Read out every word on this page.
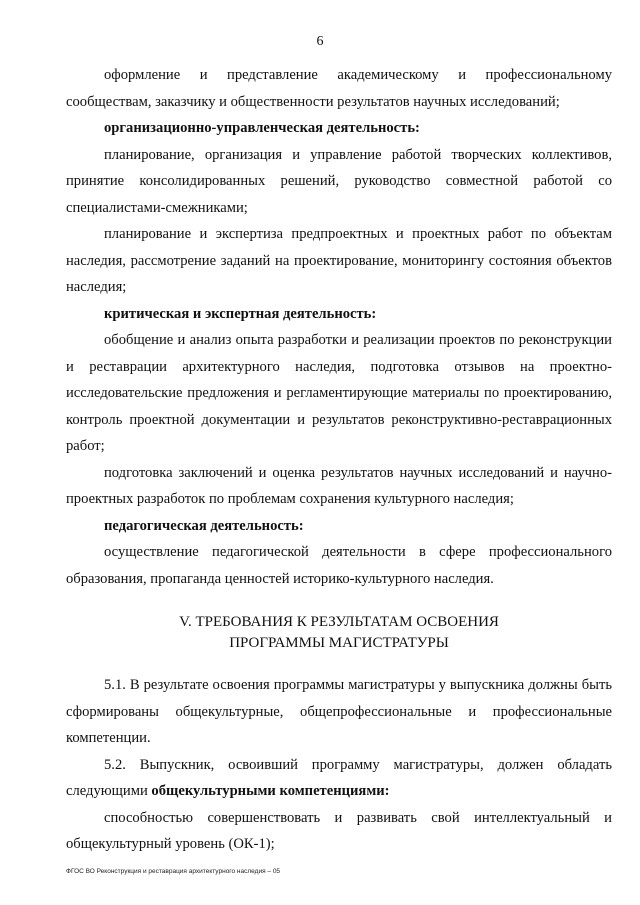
6

оформление и представление академическому и профессиональному сообществам, заказчику и общественности результатов научных исследований;

организационно-управленческая деятельность:

планирование, организация и управление работой творческих коллективов, принятие консолидированных решений, руководство совместной работой со специалистами-смежниками;

планирование и экспертиза предпроектных и проектных работ по объектам наследия, рассмотрение заданий на проектирование, мониторингу состояния объектов наследия;

критическая и экспертная деятельность:

обобщение и анализ опыта разработки и реализации проектов по реконструкции и реставрации архитектурного наследия, подготовка отзывов на проектно-исследовательские предложения и регламентирующие материалы по проектированию, контроль проектной документации и результатов реконструктивно-реставрационных работ;

подготовка заключений и оценка результатов научных исследований и научно-проектных разработок по проблемам сохранения культурного наследия;

педагогическая деятельность:

осуществление педагогической деятельности в сфере профессионального образования, пропаганда ценностей историко-культурного наследия.

V. ТРЕБОВАНИЯ К РЕЗУЛЬТАТАМ ОСВОЕНИЯ
ПРОГРАММЫ МАГИСТРАТУРЫ

5.1. В результате освоения программы магистратуры у выпускника должны быть сформированы общекультурные, общепрофессиональные и профессиональные компетенции.

5.2. Выпускник, освоивший программу магистратуры, должен обладать следующими общекультурными компетенциями:

способностью совершенствовать и развивать свой интеллектуальный и общекультурный уровень (ОК-1);

ФГОС ВО Реконструкция и реставрация архитектурного наследия – 05
